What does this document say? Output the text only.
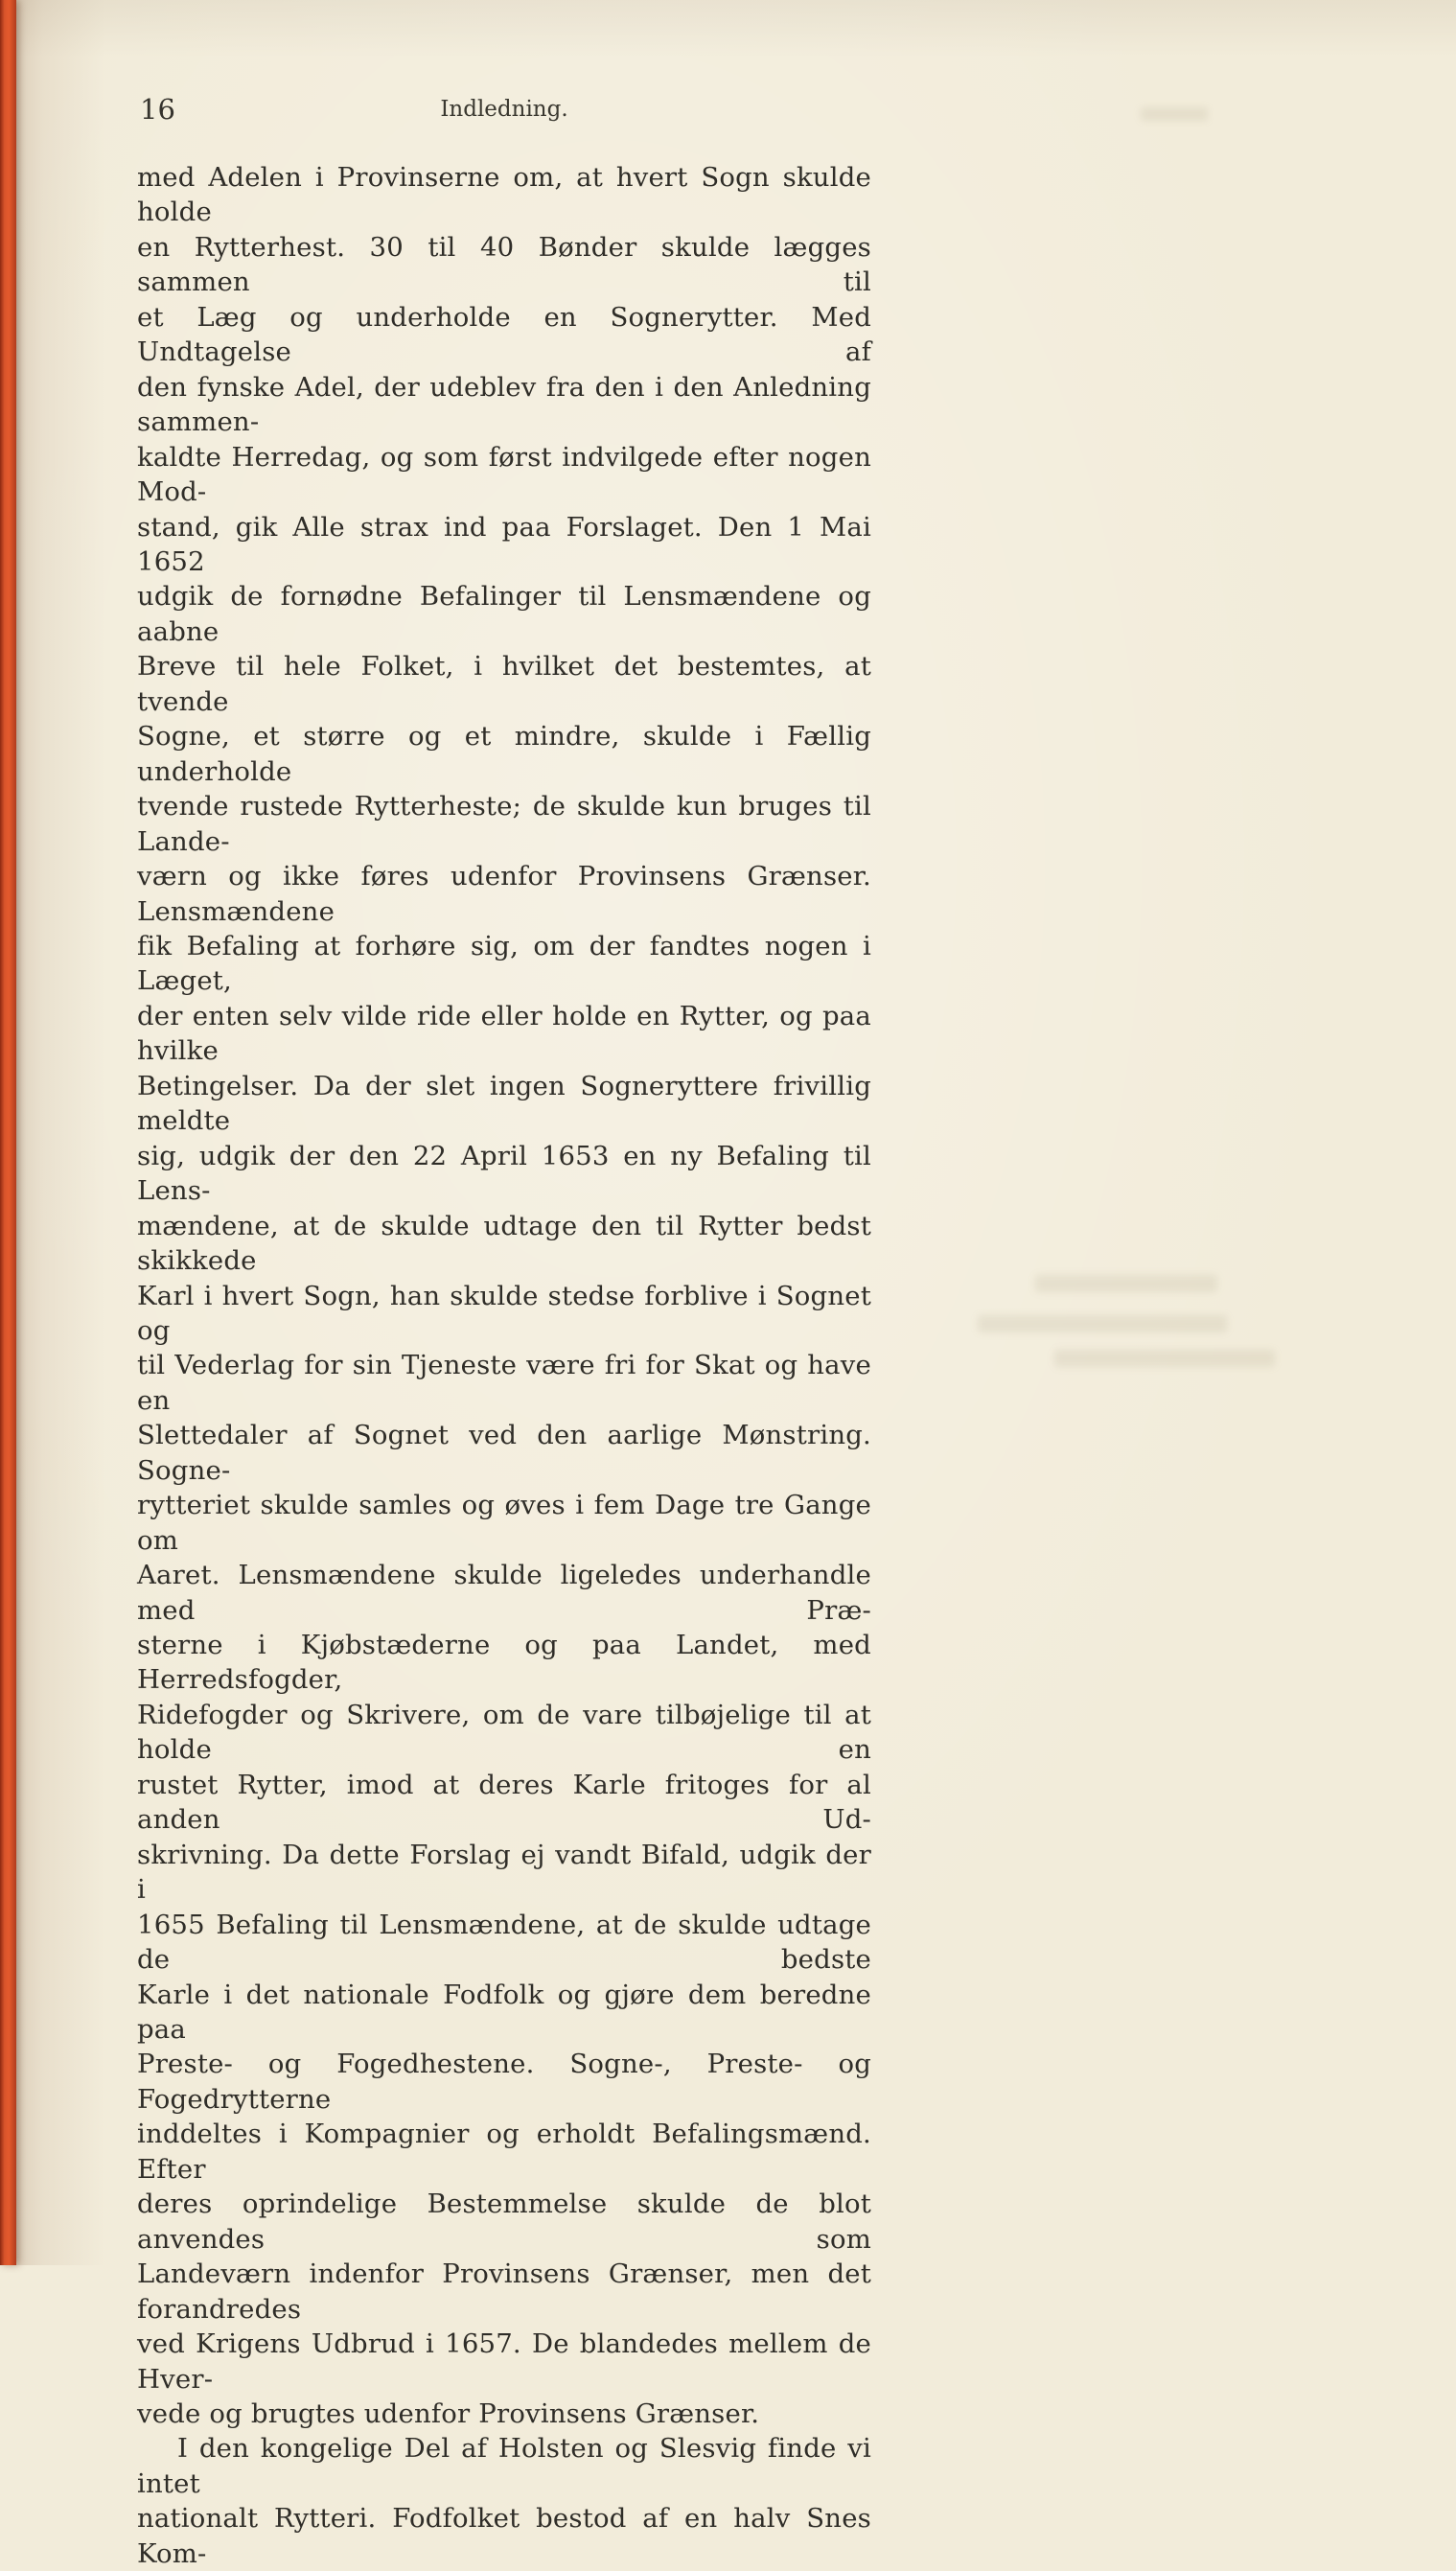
16	Indledning.
med Adelen i Provinserne om, at hvert Sogn skulde holde
en Rytterhest. 30 til 40 Bønder skulde lægges sammen til
et Læg og underholde en Sognerytter. Med Undtagelse af
den fynske Adel, der udeblev fra den i den Anledning sammen-
kaldte Herredag, og som først indvilgede efter nogen Mod-
stand, gik Alle strax ind paa Forslaget. Den 1 Mai 1652
udgik de fornødne Befalinger til Lensmændene og aabne
Breve til hele Folket, i hvilket det bestemtes, at tvende
Sogne, et større og et mindre, skulde i Fællig underholde
tvende rustede Rytterheste; de skulde kun bruges til Lande-
værn og ikke føres udenfor Provinsens Grænser. Lensmændene
fik Befaling at forhøre sig, om der fandtes nogen i Læget,
der enten selv vilde ride eller holde en Rytter, og paa hvilke
Betingelser. Da der slet ingen Sogneryttere frivillig meldte
sig, udgik der den 22 April 1653 en ny Befaling til Lens-
mændene, at de skulde udtage den til Rytter bedst skikkede
Karl i hvert Sogn, han skulde stedse forblive i Sognet og
til Vederlag for sin Tjeneste være fri for Skat og have en
Slettedaler af Sognet ved den aarlige Mønstring. Sogne-
rytteriet skulde samles og øves i fem Dage tre Gange om
Aaret. Lensmændene skulde ligeledes underhandle med Præ-
sterne i Kjøbstæderne og paa Landet, med Herredsfogder,
Ridefogder og Skrivere, om de vare tilbøjelige til at holde en
rustet Rytter, imod at deres Karle fritoges for al anden Ud-
skrivning. Da dette Forslag ej vandt Bifald, udgik der i
1655 Befaling til Lensmændene, at de skulde udtage de bedste
Karle i det nationale Fodfolk og gjøre dem beredne paa
Preste- og Fogedhestene. Sogne-, Preste- og Fogedrytterne
inddeltes i Kompagnier og erholdt Befalingsmænd. Efter
deres oprindelige Bestemmelse skulde de blot anvendes som
Landeværn indenfor Provinsens Grænser, men det forandredes
ved Krigens Udbrud i 1657. De blandedes mellem de Hver-
vede og brugtes udenfor Provinsens Grænser.
I den kongelige Del af Holsten og Slesvig finde vi intet
nationalt Rytteri. Fodfolket bestod af en halv Snes Kom-
